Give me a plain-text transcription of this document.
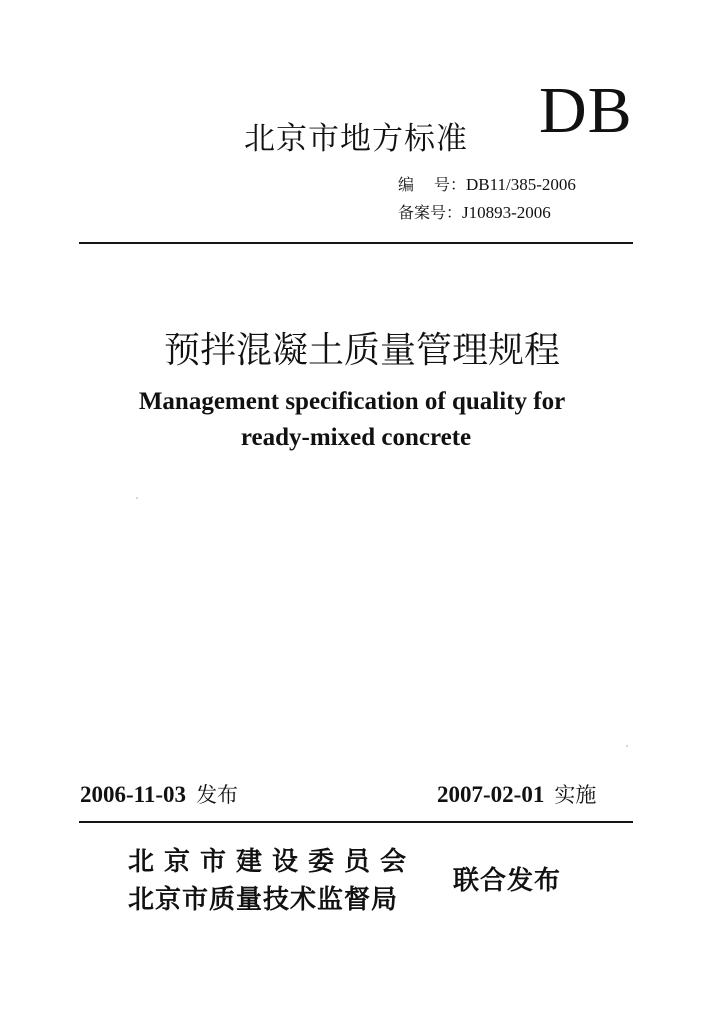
北京市地方标准 DB
编号：DB11/385-2006
备案号：J10893-2006
预拌混凝土质量管理规程
Management specification of quality for
ready-mixed concrete
2006-11-03 发布	2007-02-01 实施
北京市建设委员会
北京市质量技术监督局
联合发布
